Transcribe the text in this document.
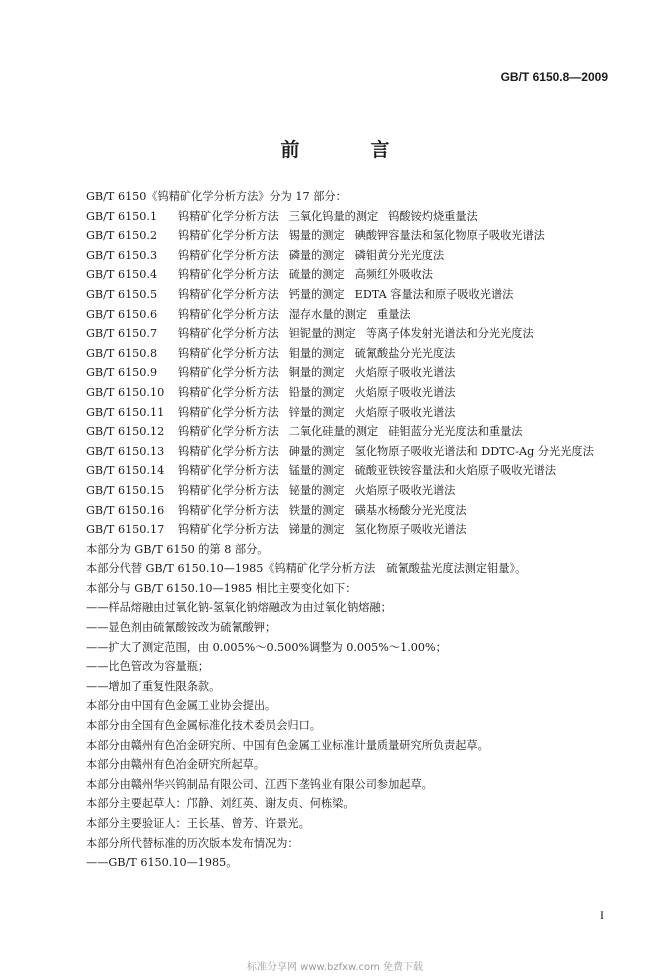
GB/T 6150.8—2009
前　言
GB/T 6150《钨精矿化学分析方法》分为 17 部分：
GB/T 6150.1 钨精矿化学分析方法 三氧化钨量的测定 钨酸铵灼烧重量法
GB/T 6150.2 钨精矿化学分析方法 锡量的测定 碘酸钾容量法和氢化物原子吸收光谱法
GB/T 6150.3 钨精矿化学分析方法 磷量的测定 磷钼黄分光光度法
GB/T 6150.4 钨精矿化学分析方法 硫量的测定 高频红外吸收法
GB/T 6150.5 钨精矿化学分析方法 钙量的测定 EDTA 容量法和原子吸收光谱法
GB/T 6150.6 钨精矿化学分析方法 湿存水量的测定 重量法
GB/T 6150.7 钨精矿化学分析方法 钽铌量的测定 等离子体发射光谱法和分光光度法
GB/T 6150.8 钨精矿化学分析方法 钼量的测定 硫氰酸盐分光光度法
GB/T 6150.9 钨精矿化学分析方法 铜量的测定 火焰原子吸收光谱法
GB/T 6150.10 钨精矿化学分析方法 铅量的测定 火焰原子吸收光谱法
GB/T 6150.11 钨精矿化学分析方法 锌量的测定 火焰原子吸收光谱法
GB/T 6150.12 钨精矿化学分析方法 二氧化硅量的测定 硅钼蓝分光光度法和重量法
GB/T 6150.13 钨精矿化学分析方法 砷量的测定 氢化物原子吸收光谱法和 DDTC-Ag 分光光度法
GB/T 6150.14 钨精矿化学分析方法 锰量的测定 硫酸亚铁铵容量法和火焰原子吸收光谱法
GB/T 6150.15 钨精矿化学分析方法 铋量的测定 火焰原子吸收光谱法
GB/T 6150.16 钨精矿化学分析方法 铁量的测定 磺基水杨酸分光光度法
GB/T 6150.17 钨精矿化学分析方法 锑量的测定 氢化物原子吸收光谱法
本部分为 GB/T 6150 的第 8 部分。
本部分代替 GB/T 6150.10—1985《钨精矿化学分析方法　硫氰酸盐光度法测定钼量》。
本部分与 GB/T 6150.10—1985 相比主要变化如下：
——样品熔融由过氧化钠-氢氧化钠熔融改为由过氧化钠熔融；
——显色剂由硫氰酸铵改为硫氰酸钾；
——扩大了测定范围，由 0.005%～0.500%调整为 0.005%～1.00%；
——比色管改为容量瓶；
——增加了重复性限条款。
本部分由中国有色金属工业协会提出。
本部分由全国有色金属标准化技术委员会归口。
本部分由赣州有色冶金研究所、中国有色金属工业标准计量质量研究所负责起草。
本部分由赣州有色冶金研究所起草。
本部分由赣州华兴钨制品有限公司、江西下垄钨业有限公司参加起草。
本部分主要起草人：邝静、刘红英、谢友贞、何栋梁。
本部分主要验证人：王长基、曾芳、许景光。
本部分所代替标准的历次版本发布情况为：
——GB/T 6150.10—1985。
I
标准分享网 www.bzfxw.com 免费下载
